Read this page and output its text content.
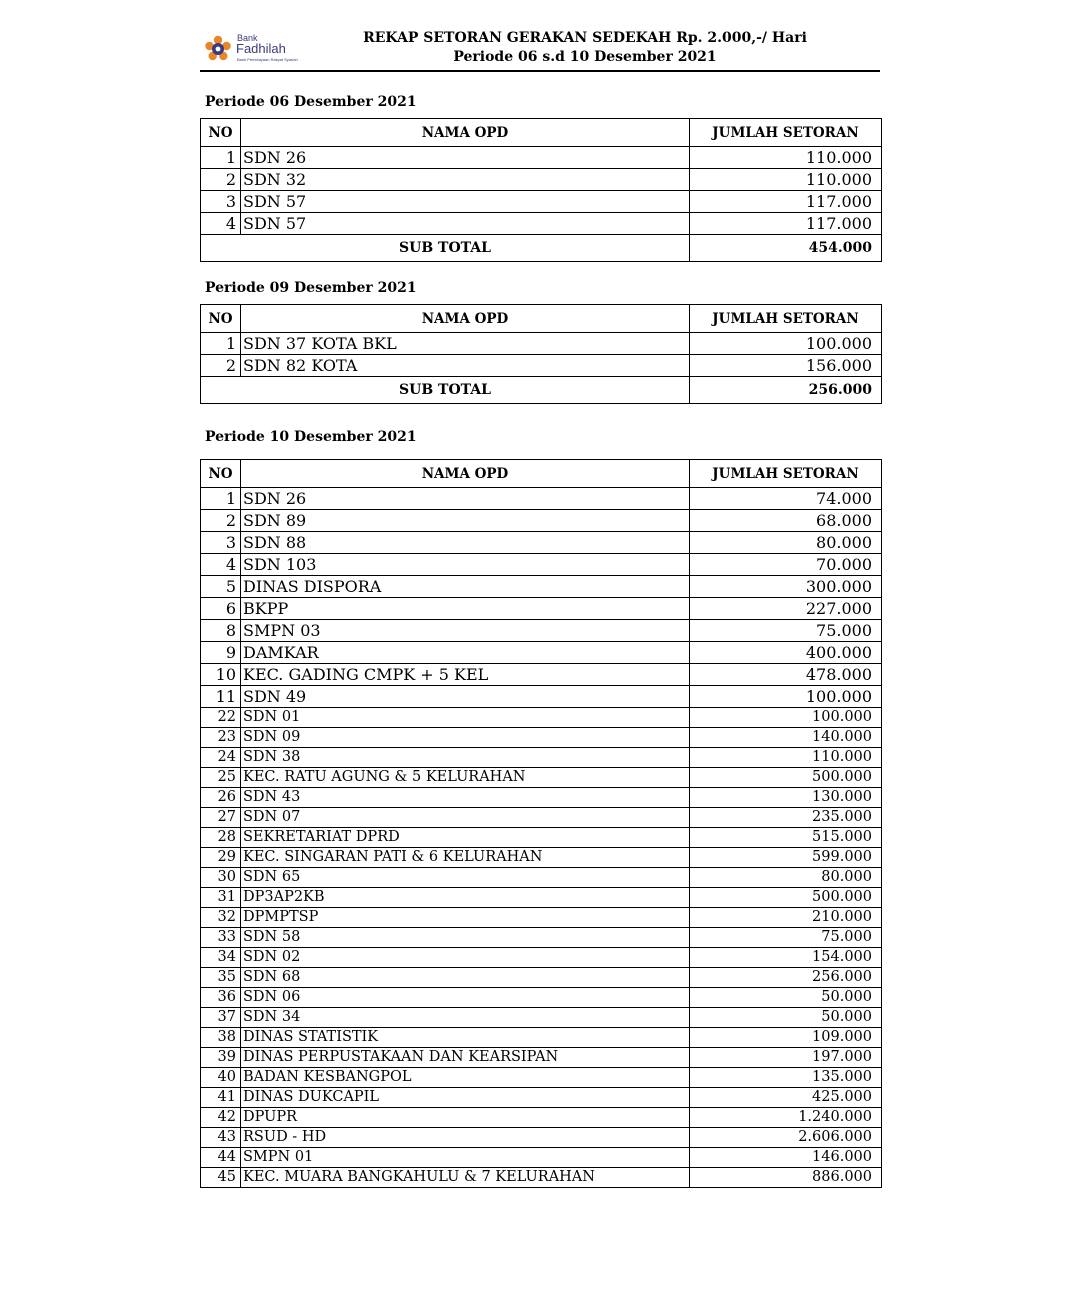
Bank
Fadhilah
Bank Pembiayaan Rakyat Syariah
REKAP SETORAN GERAKAN SEDEKAH Rp. 2.000,-/ Hari
Periode 06 s.d 10 Desember 2021
Periode 06 Desember 2021
NO	NAMA OPD	JUMLAH SETORAN
1	SDN 26	110.000
2	SDN 32	110.000
3	SDN 57	117.000
4	SDN 57	117.000
SUB TOTAL		454.000
Periode 09 Desember 2021
NO	NAMA OPD	JUMLAH SETORAN
1	SDN 37 KOTA BKL	100.000
2	SDN 82 KOTA	156.000
SUB TOTAL		256.000
Periode 10 Desember 2021
NO	NAMA OPD	JUMLAH SETORAN
1	SDN 26	74.000
2	SDN 89	68.000
3	SDN 88	80.000
4	SDN 103	70.000
5	DINAS DISPORA	300.000
6	BKPP	227.000
8	SMPN 03	75.000
9	DAMKAR	400.000
10	KEC. GADING CMPK + 5 KEL	478.000
11	SDN 49	100.000
22	SDN 01	100.000
23	SDN 09	140.000
24	SDN 38	110.000
25	KEC. RATU AGUNG & 5 KELURAHAN	500.000
26	SDN 43	130.000
27	SDN 07	235.000
28	SEKRETARIAT DPRD	515.000
29	KEC. SINGARAN PATI & 6 KELURAHAN	599.000
30	SDN 65	80.000
31	DP3AP2KB	500.000
32	DPMPTSP	210.000
33	SDN 58	75.000
34	SDN 02	154.000
35	SDN 68	256.000
36	SDN 06	50.000
37	SDN 34	50.000
38	DINAS STATISTIK	109.000
39	DINAS PERPUSTAKAAN DAN KEARSIPAN	197.000
40	BADAN KESBANGPOL	135.000
41	DINAS DUKCAPIL	425.000
42	DPUPR	1.240.000
43	RSUD - HD	2.606.000
44	SMPN 01	146.000
45	KEC. MUARA BANGKAHULU & 7 KELURAHAN	886.000
